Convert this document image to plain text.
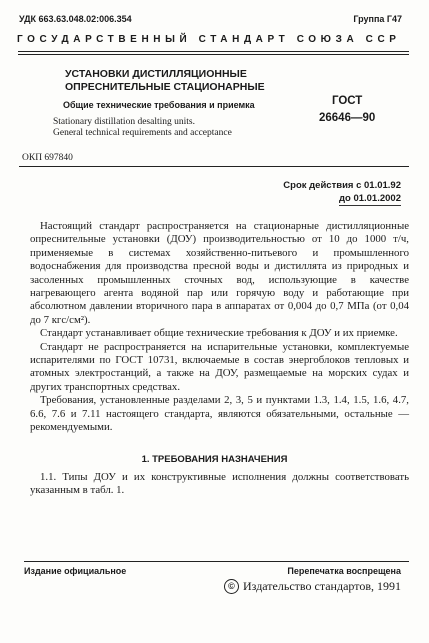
УДК 663.63.048.02:006.354	Группа Г47
ГОСУДАРСТВЕННЫЙ СТАНДАРТ СОЮЗА ССР
УСТАНОВКИ ДИСТИЛЛЯЦИОННЫЕ
ОПРЕСНИТЕЛЬНЫЕ СТАЦИОНАРНЫЕ
Общие технические требования и приемка
Stationary distillation desalting units.
General technical requirements and acceptance
ГОСТ
26646—90
ОКП 697840
Срок действия с 01.01.92
до 01.01.2002

Настоящий стандарт распространяется на стационарные дистилляционные опреснительные установки (ДОУ) производительностью от 10 до 1000 т/ч, применяемые в системах хозяйственно-питьевого и промышленного водоснабжения для производства пресной воды и дистиллята из природных и засоленных промышленных сточных вод, использующие в качестве нагревающего агента водяной пар или горячую воду и работающие при абсолютном давлении вторичного пара в аппаратах от 0,004 до 0,7 МПа (от 0,04 до 7 кгс/см²).

Стандарт устанавливает общие технические требования к ДОУ и их приемке.

Стандарт не распространяется на испарительные установки, комплектуемые испарителями по ГОСТ 10731, включаемые в состав энергоблоков тепловых и атомных электростанций, а также на ДОУ, размещаемые на морских судах и других транспортных средствах.

Требования, установленные разделами 2, 3, 5 и пунктами 1.3, 1.4, 1.5, 1.6, 4.7, 6.6, 7.6 и 7.11 настоящего стандарта, являются обязательными, остальные — рекомендуемыми.

1. ТРЕБОВАНИЯ НАЗНАЧЕНИЯ

1.1. Типы ДОУ и их конструктивные исполнения должны соответствовать указанным в табл. 1.

Издание официальное	Перепечатка воспрещена
© Издательство стандартов, 1991
